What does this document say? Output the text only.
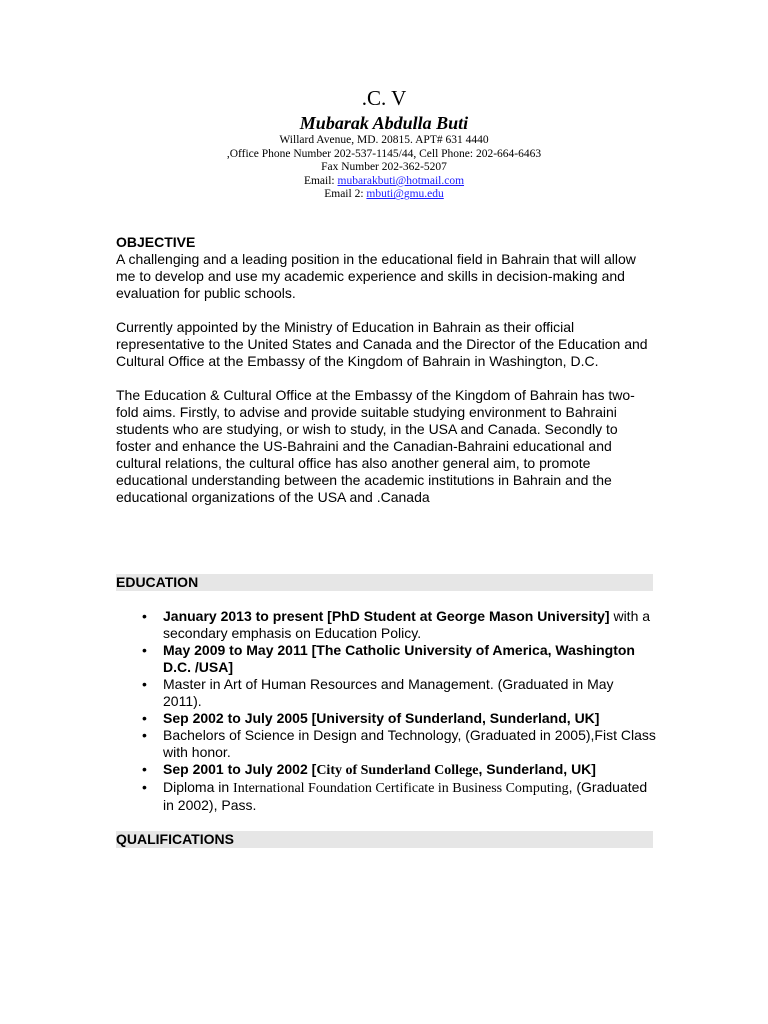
.C. V

Mubarak Abdulla Buti

Willard Avenue, MD. 20815. APT# 631 4440

,Office Phone Number 202-537-1145/44, Cell Phone: 202-664-6463

Fax Number 202-362-5207

Email: mubarakbuti@hotmail.com

Email 2: mbuti@gmu.edu

OBJECTIVE

A challenging and a leading position in the educational field in Bahrain that will allow me to develop and use my academic experience and skills in decision-making and evaluation for public schools.

Currently appointed by the Ministry of Education in Bahrain as their official representative to the United States and Canada and the Director of the Education and Cultural Office at the Embassy of the Kingdom of Bahrain in Washington, D.C.

The Education & Cultural Office at the Embassy of the Kingdom of Bahrain has two-fold aims. Firstly, to advise and provide suitable studying environment to Bahraini students who are studying, or wish to study, in the USA and Canada. Secondly to foster and enhance the US-Bahraini and the Canadian-Bahraini educational and cultural relations, the cultural office has also another general aim, to promote educational understanding between the academic institutions in Bahrain and the educational organizations of the USA and .Canada

EDUCATION
• January 2013 to present [PhD Student at George Mason University] with a secondary emphasis on Education Policy.
• May 2009 to May 2011 [The Catholic University of America, Washington D.C. /USA]
• Master in Art of Human Resources and Management. (Graduated in May 2011).
• Sep 2002 to July 2005 [University of Sunderland, Sunderland, UK]
• Bachelors of Science in Design and Technology, (Graduated in 2005),Fist Class with honor.
• Sep 2001 to July 2002 [City of Sunderland College, Sunderland, UK]
• Diploma in International Foundation Certificate in Business Computing, (Graduated in 2002), Pass.
QUALIFICATIONS
